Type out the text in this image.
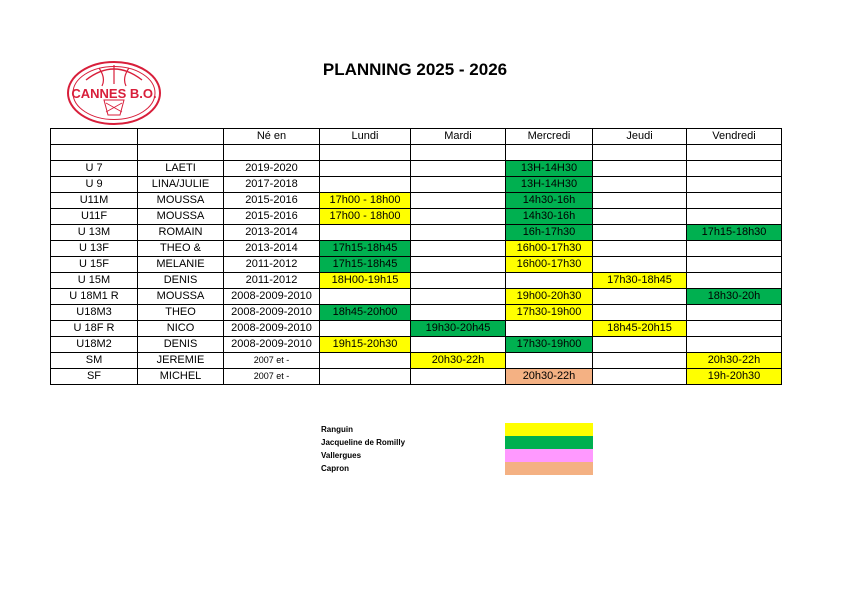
CANNES B.O.
PLANNING 2025 - 2026
		Né en	Lundi	Mardi	Mercredi	Jeudi	Vendredi

U 7	LAETI	2019-2020			13H-14H30		
U 9	LINA/JULIE	2017-2018			13H-14H30		
U11M	MOUSSA	2015-2016	17h00 - 18h00		14h30-16h		
U11F	MOUSSA	2015-2016	17h00 - 18h00		14h30-16h		
U 13M	ROMAIN	2013-2014			16h-17h30		17h15-18h30
U 13F	THEO &	2013-2014	17h15-18h45		16h00-17h30		
U 15F	MELANIE	2011-2012	17h15-18h45		16h00-17h30		
U 15M	DENIS	2011-2012	18H00-19h15			17h30-18h45	
U 18M1 R	MOUSSA	2008-2009-2010			19h00-20h30		18h30-20h
U18M3	THEO	2008-2009-2010	18h45-20h00		17h30-19h00		
U 18F R	NICO	2008-2009-2010		19h30-20h45		18h45-20h15	
U18M2	DENIS	2008-2009-2010	19h15-20h30		17h30-19h00		
SM	JEREMIE	2007 et -		20h30-22h			20h30-22h
SF	MICHEL	2007 et -			20h30-22h		19h-20h30
Ranguin
Jacqueline de Romilly
Vallergues
Capron
